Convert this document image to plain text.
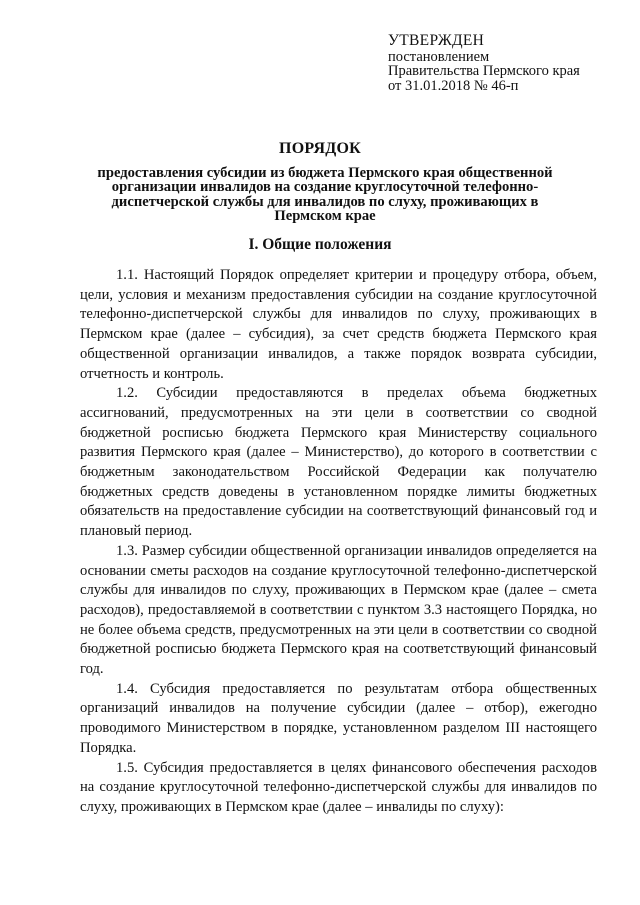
УТВЕРЖДЕН
постановлением
Правительства Пермского края
от 31.01.2018 № 46-п
ПОРЯДОК
предоставления субсидии из бюджета Пермского края общественной организации инвалидов на создание круглосуточной телефонно-диспетчерской службы для инвалидов по слуху, проживающих в Пермском крае
I. Общие положения

1.1. Настоящий Порядок определяет критерии и процедуру отбора, объем, цели, условия и механизм предоставления субсидии на создание круглосуточной телефонно-диспетчерской службы для инвалидов по слуху, проживающих в Пермском крае (далее – субсидия), за счет средств бюджета Пермского края общественной организации инвалидов, а также порядок возврата субсидии, отчетность и контроль.

1.2. Субсидии предоставляются в пределах объема бюджетных ассигнований, предусмотренных на эти цели в соответствии со сводной бюджетной росписью бюджета Пермского края Министерству социального развития Пермского края (далее – Министерство), до которого в соответствии с бюджетным законодательством Российской Федерации как получателю бюджетных средств доведены в установленном порядке лимиты бюджетных обязательств на предоставление субсидии на соответствующий финансовый год и плановый период.

1.3. Размер субсидии общественной организации инвалидов определяется на основании сметы расходов на создание круглосуточной телефонно-диспетчерской службы для инвалидов по слуху, проживающих в Пермском крае (далее – смета расходов), предоставляемой в соответствии с пунктом 3.3 настоящего Порядка, но не более объема средств, предусмотренных на эти цели в соответствии со сводной бюджетной росписью бюджета Пермского края на соответствующий финансовый год.

1.4. Субсидия предоставляется по результатам отбора общественных организаций инвалидов на получение субсидии (далее – отбор), ежегодно проводимого Министерством в порядке, установленном разделом III настоящего Порядка.

1.5. Субсидия предоставляется в целях финансового обеспечения расходов на создание круглосуточной телефонно-диспетчерской службы для инвалидов по слуху, проживающих в Пермском крае (далее – инвалиды по слуху):
